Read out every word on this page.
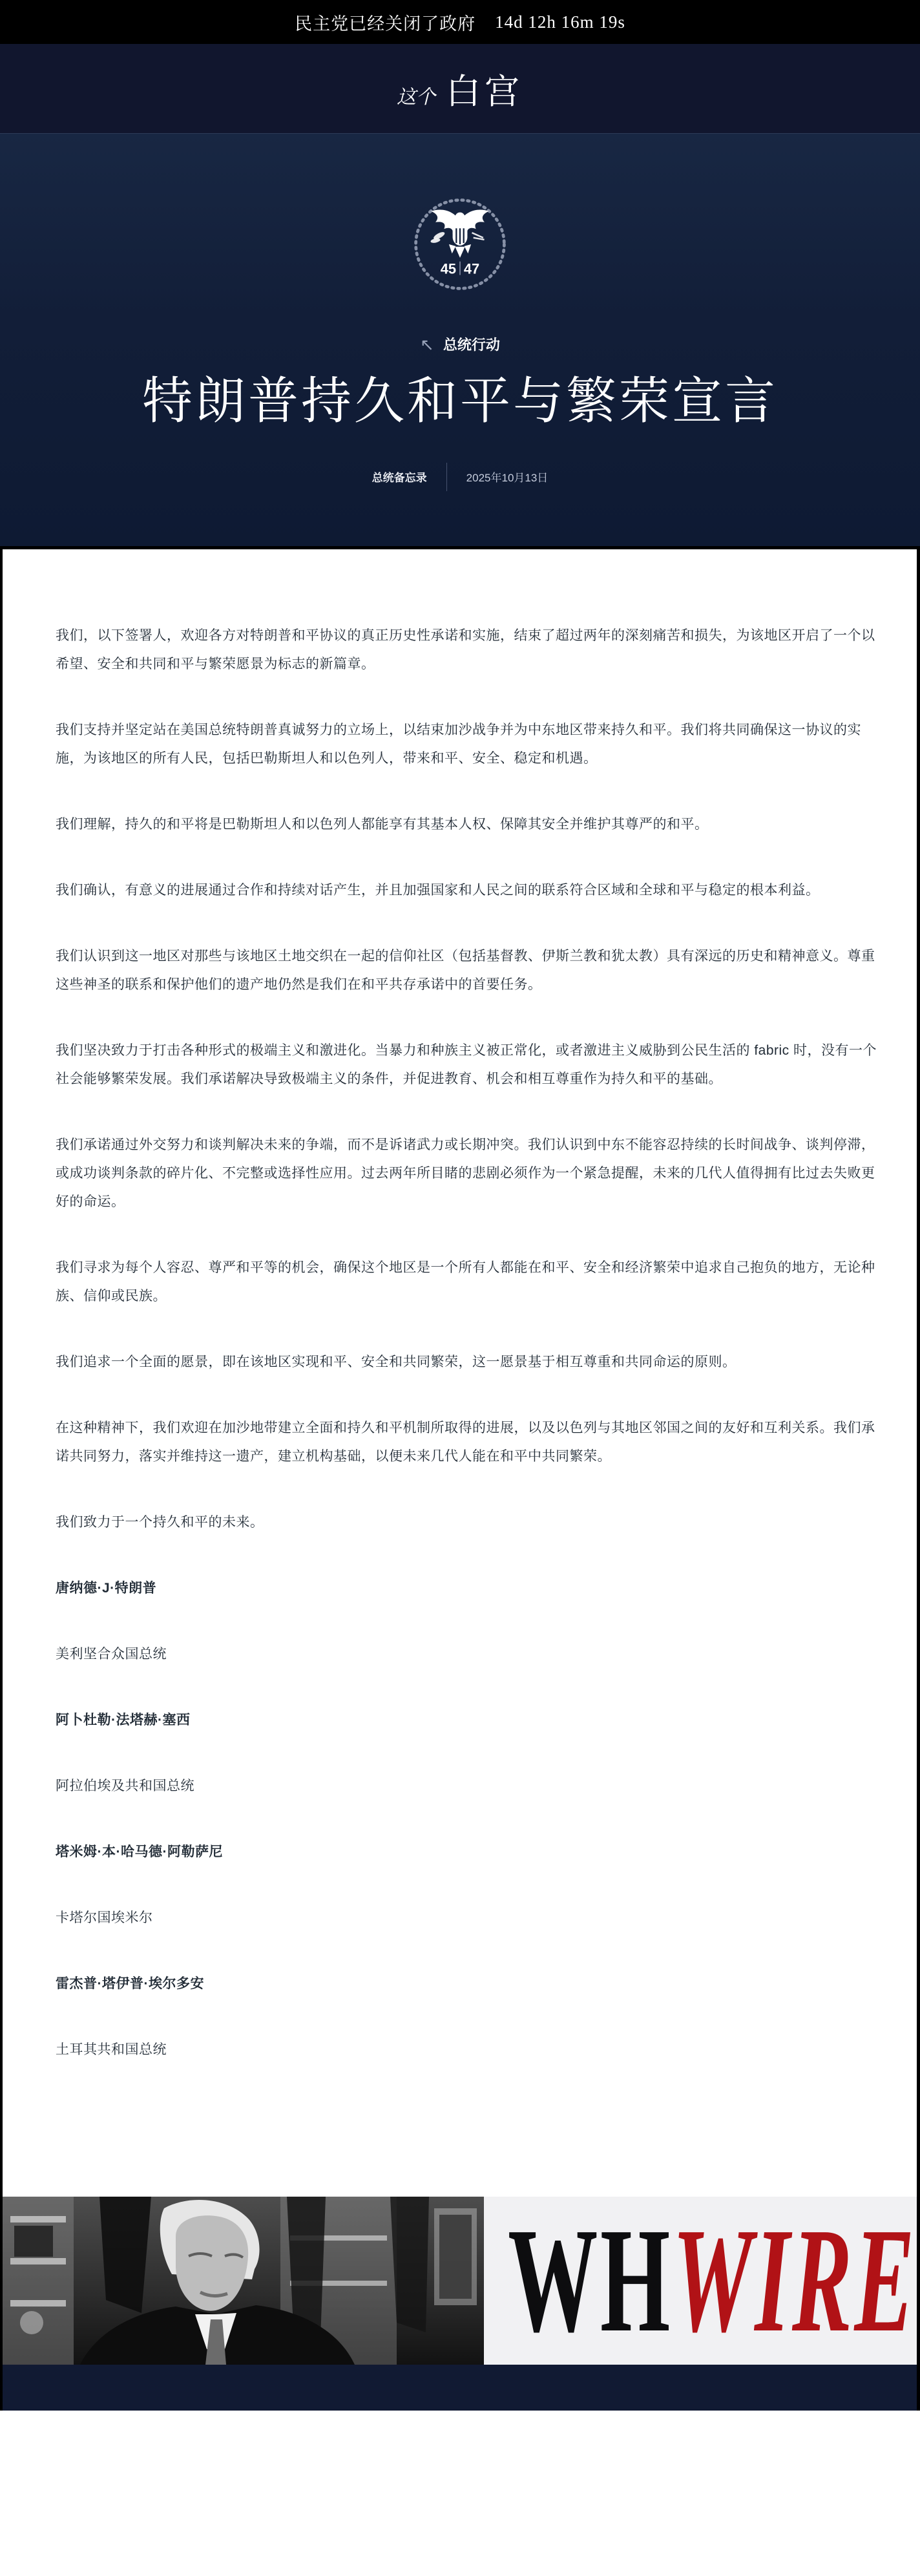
民主党已经关闭了政府 14d 12h 16m 19s
这个 白宫
45 47
↖ 总统行动
特朗普持久和平与繁荣宣言
总统备忘录	2025年10月13日

我们，以下签署人，欢迎各方对特朗普和平协议的真正历史性承诺和实施，结束了超过两年的深刻痛苦和损失，为该地区开启了一个以希望、安全和共同和平与繁荣愿景为标志的新篇章。

我们支持并坚定站在美国总统特朗普真诚努力的立场上，以结束加沙战争并为中东地区带来持久和平。我们将共同确保这一协议的实施，为该地区的所有人民，包括巴勒斯坦人和以色列人，带来和平、安全、稳定和机遇。

我们理解，持久的和平将是巴勒斯坦人和以色列人都能享有其基本人权、保障其安全并维护其尊严的和平。

我们确认，有意义的进展通过合作和持续对话产生，并且加强国家和人民之间的联系符合区域和全球和平与稳定的根本利益。

我们认识到这一地区对那些与该地区土地交织在一起的信仰社区（包括基督教、伊斯兰教和犹太教）具有深远的历史和精神意义。尊重这些神圣的联系和保护他们的遗产地仍然是我们在和平共存承诺中的首要任务。

我们坚决致力于打击各种形式的极端主义和激进化。当暴力和种族主义被正常化，或者激进主义威胁到公民生活的 fabric 时，没有一个社会能够繁荣发展。我们承诺解决导致极端主义的条件，并促进教育、机会和相互尊重作为持久和平的基础。

我们承诺通过外交努力和谈判解决未来的争端，而不是诉诸武力或长期冲突。我们认识到中东不能容忍持续的长时间战争、谈判停滞，或成功谈判条款的碎片化、不完整或选择性应用。过去两年所目睹的悲剧必须作为一个紧急提醒，未来的几代人值得拥有比过去失败更好的命运。

我们寻求为每个人容忍、尊严和平等的机会，确保这个地区是一个所有人都能在和平、安全和经济繁荣中追求自己抱负的地方，无论种族、信仰或民族。

我们追求一个全面的愿景，即在该地区实现和平、安全和共同繁荣，这一愿景基于相互尊重和共同命运的原则。

在这种精神下，我们欢迎在加沙地带建立全面和持久和平机制所取得的进展，以及以色列与其地区邻国之间的友好和互利关系。我们承诺共同努力，落实并维持这一遗产，建立机构基础，以便未来几代人能在和平中共同繁荣。

我们致力于一个持久和平的未来。

唐纳德·J·特朗普

美利坚合众国总统

阿卜杜勒·法塔赫·塞西

阿拉伯埃及共和国总统

塔米姆·本·哈马德·阿勒萨尼

卡塔尔国埃米尔

雷杰普·塔伊普·埃尔多安

土耳其共和国总统

WHWIRE
